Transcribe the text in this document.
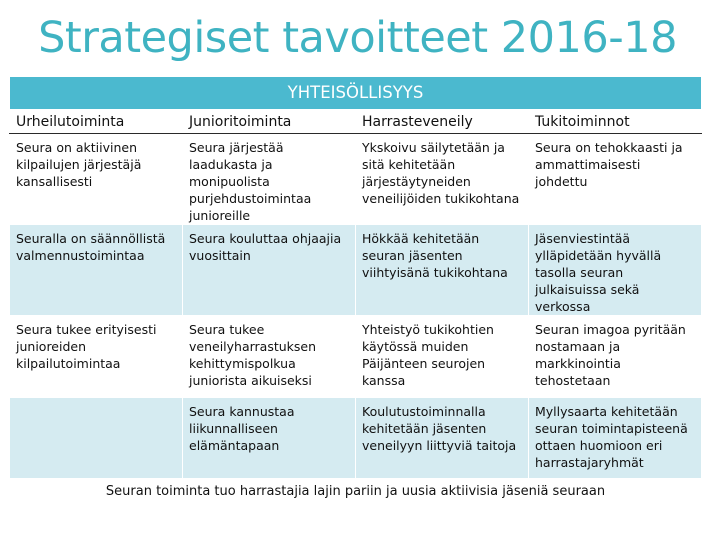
Strategiset tavoitteet 2016-18
YHTEISÖLLISYYS			
Urheilutoiminta	Junioritoiminta	Harrasteveneily	Tukitoiminnot
Seura on aktiivinen kilpailujen järjestäjä kansallisesti	Seura järjestää laadukasta ja monipuolista purjehdustoimintaa junioreille	Ykskoivu säilytetään ja sitä kehitetään järjestäytyneiden veneilijöiden tukikohtana	Seura on tehokkaasti ja ammattimaisesti johdettu
Seuralla on säännöllistä valmennustoimintaa	Seura kouluttaa ohjaajia vuosittain	Hökkää kehitetään seuran jäsenten viihtyisänä tukikohtana	Jäsenviestintää ylläpidetään hyvällä tasolla seuran julkaisuissa sekä verkossa
Seura tukee erityisesti junioreiden kilpailutoimintaa	Seura tukee veneilyharrastuksen kehittymispolkua juniorista aikuiseksi	Yhteistyö tukikohtien käytössä muiden Päijänteen seurojen kanssa	Seuran imagoa pyritään nostamaan ja markkinointia tehostetaan
	Seura kannustaa liikunnalliseen elämäntapaan	Koulutustoiminnalla kehitetään jäsenten veneilyyn liittyviä taitoja	Myllysaarta kehitetään seuran toimintapisteenä ottaen huomioon eri harrastajaryhmät
Seuran toiminta tuo harrastajia lajin pariin ja uusia aktiivisia jäseniä seuraan			
